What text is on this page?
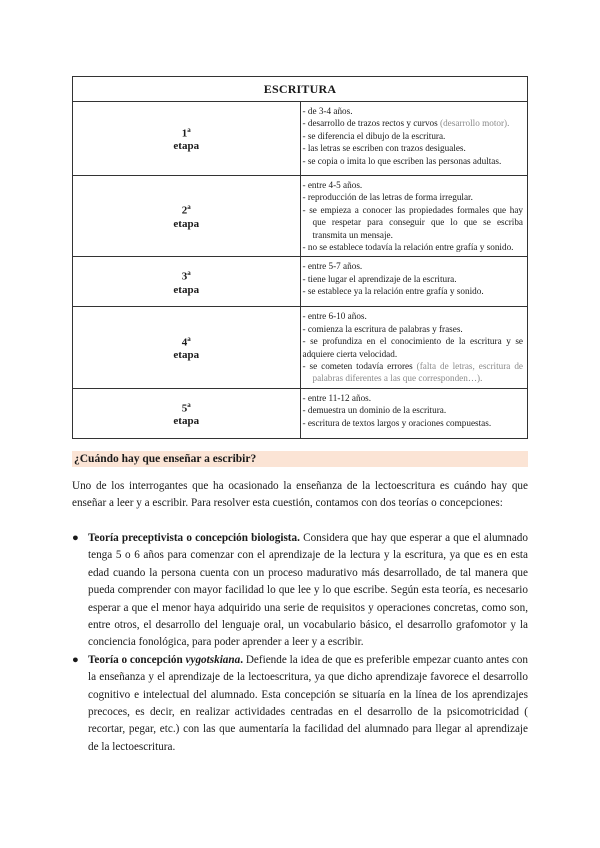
ESCRITURA	
1$^a$
etapa	- de 3-4 años.
- desarrollo de trazos rectos y curvos (desarrollo motor).
- se diferencia el dibujo de la escritura.
- las letras se escriben con trazos desiguales.
- se copia o imita lo que escriben las personas adultas.

2$^a$
etapa	- entre 4-5 años.
- reproducción de las letras de forma irregular.
- se empieza a conocer las propiedades formales que hay que respetar para conseguir que lo que se escriba transmita un mensaje.
- no se establece todavía la relación entre grafía y sonido.

3$^a$
etapa	- entre 5-7 años.
- tiene lugar el aprendizaje de la escritura.
- se establece ya la relación entre grafía y sonido.

4$^a$
etapa	- entre 6-10 años.
- comienza la escritura de palabras y frases.
- se profundiza en el conocimiento de la escritura y se adquiere cierta velocidad.
- se cometen todavía errores (falta de letras, escritura de palabras diferentes a las que corresponden…).

5$^a$
etapa	- entre 11-12 años.
- demuestra un dominio de la escritura.
- escritura de textos largos y oraciones compuestas.
¿Cuándo hay que enseñar a escribir?

Uno de los interrogantes que ha ocasionado la enseñanza de la lectoescritura es cuándo hay que enseñar a leer y a escribir. Para resolver esta cuestión, contamos con dos teorías o concepciones:

● Teoría preceptivista o concepción biologista. Considera que hay que esperar a que el alumnado tenga 5 o 6 años para comenzar con el aprendizaje de la lectura y la escritura, ya que es en esta edad cuando la persona cuenta con un proceso madurativo más desarrollado, de tal manera que pueda comprender con mayor facilidad lo que lee y lo que escribe. Según esta teoría, es necesario esperar a que el menor haya adquirido una serie de requisitos y operaciones concretas, como son, entre otros, el desarrollo del lenguaje oral, un vocabulario básico, el desarrollo grafomotor y la conciencia fonológica, para poder aprender a leer y a escribir.
● Teoría o concepción vygotskiana. Defiende la idea de que es preferible empezar cuanto antes con la enseñanza y el aprendizaje de la lectoescritura, ya que dicho aprendizaje favorece el desarrollo cognitivo e intelectual del alumnado. Esta concepción se situaría en la línea de los aprendizajes precoces, es decir, en realizar actividades centradas en el desarrollo de la psicomotricidad ( recortar, pegar, etc.) con las que aumentaría la facilidad del alumnado para llegar al aprendizaje de la lectoescritura.
